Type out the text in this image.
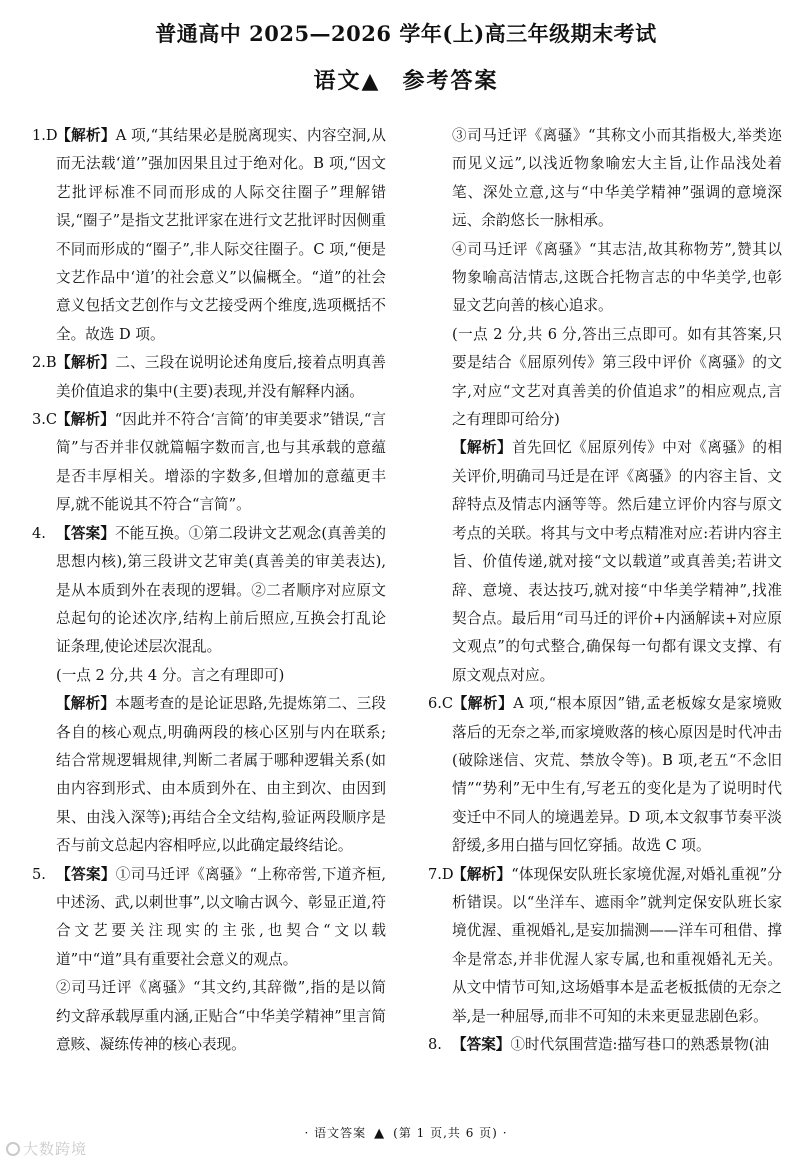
普通高中 2025—2026 学年(上)高三年级期末考试
语文▲ 参考答案

1.D【解析】A 项,“其结果必是脱离现实、内容空洞,从而无法载‘道’”强加因果且过于绝对化。B 项,“因文艺批评标准不同而形成的人际交往圈子”理解错误,“圈子”是指文艺批评家在进行文艺批评时因侧重不同而形成的“圈子”,非人际交往圈子。C 项,“便是文艺作品中‘道’的社会意义”以偏概全。“道”的社会意义包括文艺创作与文艺接受两个维度,选项概括不全。故选 D 项。

2.B【解析】二、三段在说明论述角度后,接着点明真善美价值追求的集中(主要)表现,并没有解释内涵。

3.C【解析】“因此并不符合‘言简’的审美要求”错误,“言简”与否并非仅就篇幅字数而言,也与其承载的意蕴是否丰厚相关。增添的字数多,但增加的意蕴更丰厚,就不能说其不符合“言简”。

4. 【答案】不能互换。①第二段讲文艺观念(真善美的思想内核),第三段讲文艺审美(真善美的审美表达),是从本质到外在表现的逻辑。②二者顺序对应原文总起句的论述次序,结构上前后照应,互换会打乱论证条理,使论述层次混乱。

(一点 2 分,共 4 分。言之有理即可)

【解析】本题考查的是论证思路,先提炼第二、三段各自的核心观点,明确两段的核心区别与内在联系;结合常规逻辑规律,判断二者属于哪种逻辑关系(如由内容到形式、由本质到外在、由主到次、由因到果、由浅入深等);再结合全文结构,验证两段顺序是否与前文总起内容相呼应,以此确定最终结论。

5. 【答案】①司马迁评《离骚》“上称帝喾,下道齐桓,中述汤、武,以刺世事”,以文喻古讽今、彰显正道,符合文艺要关注现实的主张,也契合“文以载道”中“道”具有重要社会意义的观点。

②司马迁评《离骚》“其文约,其辞微”,指的是以简约文辞承载厚重内涵,正贴合“中华美学精神”里言简意赅、凝练传神的核心表现。

③司马迁评《离骚》“其称文小而其指极大,举类迩而见义远”,以浅近物象喻宏大主旨,让作品浅处着笔、深处立意,这与“中华美学精神”强调的意境深远、余韵悠长一脉相承。

④司马迁评《离骚》“其志洁,故其称物芳”,赞其以物象喻高洁情志,这既合托物言志的中华美学,也彰显文艺向善的核心追求。

(一点 2 分,共 6 分,答出三点即可。如有其答案,只要是结合《屈原列传》第三段中评价《离骚》的文字,对应“文艺对真善美的价值追求”的相应观点,言之有理即可给分)

【解析】首先回忆《屈原列传》中对《离骚》的相关评价,明确司马迁是在评《离骚》的内容主旨、文辞特点及情志内涵等等。然后建立评价内容与原文考点的关联。将其与文中考点精准对应:若讲内容主旨、价值传递,就对接“文以载道”或真善美;若讲文辞、意境、表达技巧,就对接“中华美学精神”,找准契合点。最后用“司马迁的评价+内涵解读+对应原文观点”的句式整合,确保每一句都有课文支撑、有原文观点对应。

6.C【解析】A 项,“根本原因”错,孟老板嫁女是家境败落后的无奈之举,而家境败落的核心原因是时代冲击(破除迷信、灾荒、禁放令等)。B 项,老五“不念旧情”“势利”无中生有,写老五的变化是为了说明时代变迁中不同人的境遇差异。D 项,本文叙事节奏平淡舒缓,多用白描与回忆穿插。故选 C 项。

7.D【解析】“体现保安队班长家境优渥,对婚礼重视”分析错误。以“坐洋车、遮雨伞”就判定保安队班长家境优渥、重视婚礼,是妄加揣测——洋车可租借、撑伞是常态,并非优渥人家专属,也和重视婚礼无关。从文中情节可知,这场婚事本是孟老板抵债的无奈之举,是一种屈辱,而非不可知的未来更显悲剧色彩。

8. 【答案】①时代氛围营造:描写巷口的熟悉景物(油

· 语文答案 ▲ (第 1 页,共 6 页) ·
大数跨境
